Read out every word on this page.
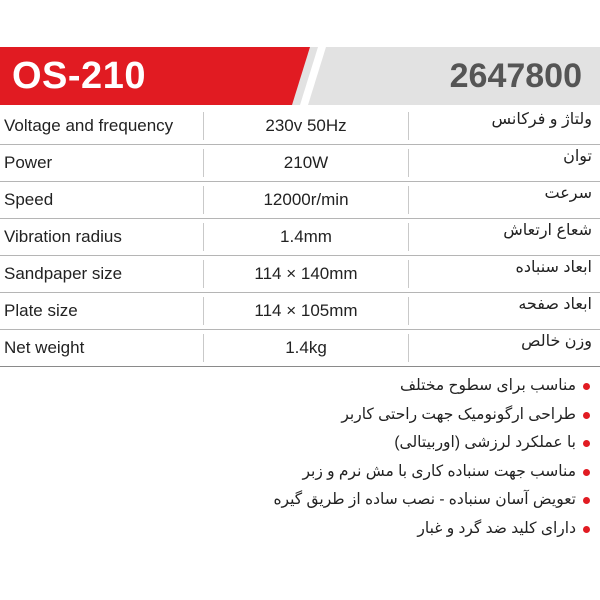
OS-210	2647800
Voltage and frequency	230v 50Hz	ولتاژ و فرکانس
Power	210W	توان
Speed	12000r/min	سرعت
Vibration radius	1.4mm	شعاع ارتعاش
Sandpaper size	114 × 140mm	ابعاد سنباده
Plate size	114 × 105mm	ابعاد صفحه
Net weight	1.4kg	وزن خالص
مناسب برای سطوح مختلف
طراحی ارگونومیک جهت راحتی کاربر
با عملکرد لرزشی (اوربیتالی)
مناسب جهت سنباده کاری با مش نرم و زبر
تعویض آسان سنباده - نصب ساده از طریق گیره
دارای کلید ضد گرد و غبار
